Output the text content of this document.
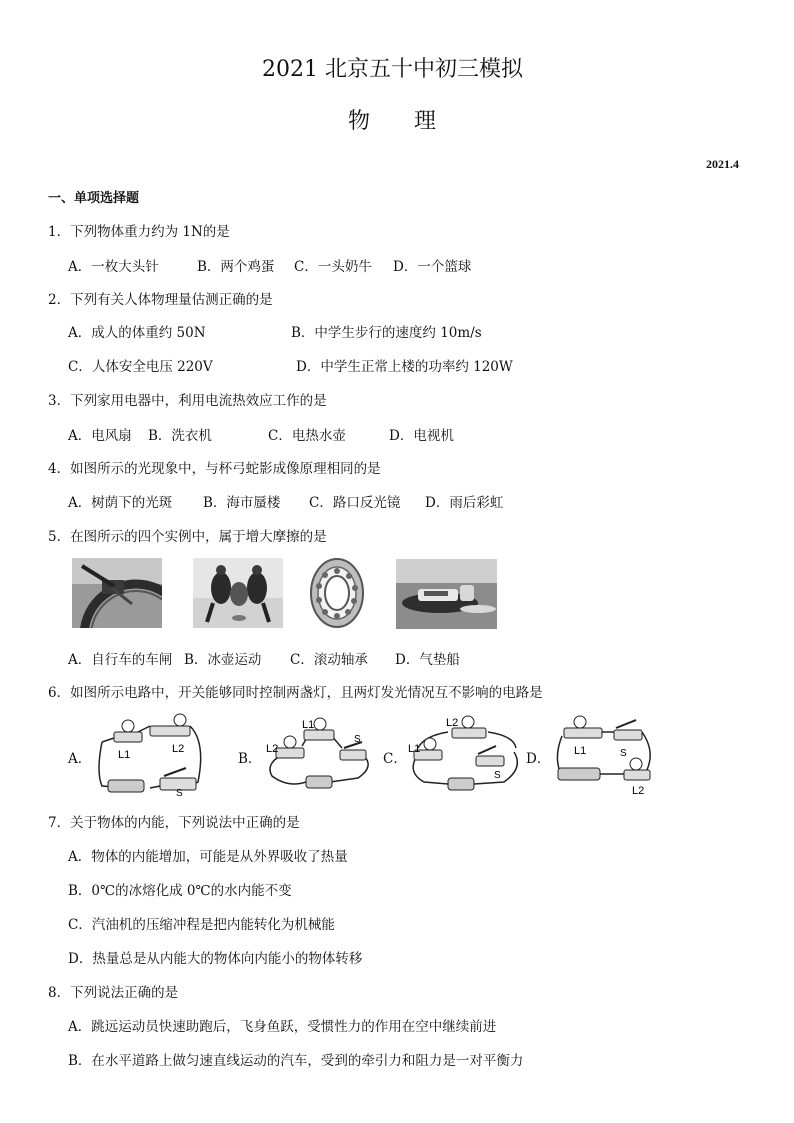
2021 北京五十中初三模拟
物　　理
2021.4
一、单项选择题
1．下列物体重力约为 1N的是
A．一枚大头针	B．两个鸡蛋 C．一头奶牛 D．一个篮球
2．下列有关人体物理量估测正确的是
A．成人的体重约 50N	B．中学生步行的速度约 10m/s
C．人体安全电压 220V	D．中学生正常上楼的功率约 120W
3．下列家用电器中，利用电流热效应工作的是
A．电风扇 B．洗衣机	C．电热水壶	D．电视机
4．如图所示的光现象中，与杯弓蛇影成像原理相同的是
A．树荫下的光斑 B．海市蜃楼 C．路口反光镜 D．雨后彩虹
5．在图所示的四个实例中，属于增大摩擦的是
A．自行车的车闸 B．冰壶运动 C．滚动轴承 D．气垫船
6．如图所示电路中，开关能够同时控制两盏灯，且两灯发光情况互不影响的电路是
A．	B．	C．	D．
L1	L2
S
L1
L2
S
L2
L1
S
L1	S
L2
7．关于物体的内能，下列说法中正确的是
A．物体的内能增加，可能是从外界吸收了热量
B．0℃的冰熔化成 0℃的水内能不变
C．汽油机的压缩冲程是把内能转化为机械能
D．热量总是从内能大的物体向内能小的物体转移
8．下列说法正确的是
A．跳远运动员快速助跑后，飞身鱼跃，受惯性力的作用在空中继续前进
B．在水平道路上做匀速直线运动的汽车，受到的牵引力和阻力是一对平衡力
